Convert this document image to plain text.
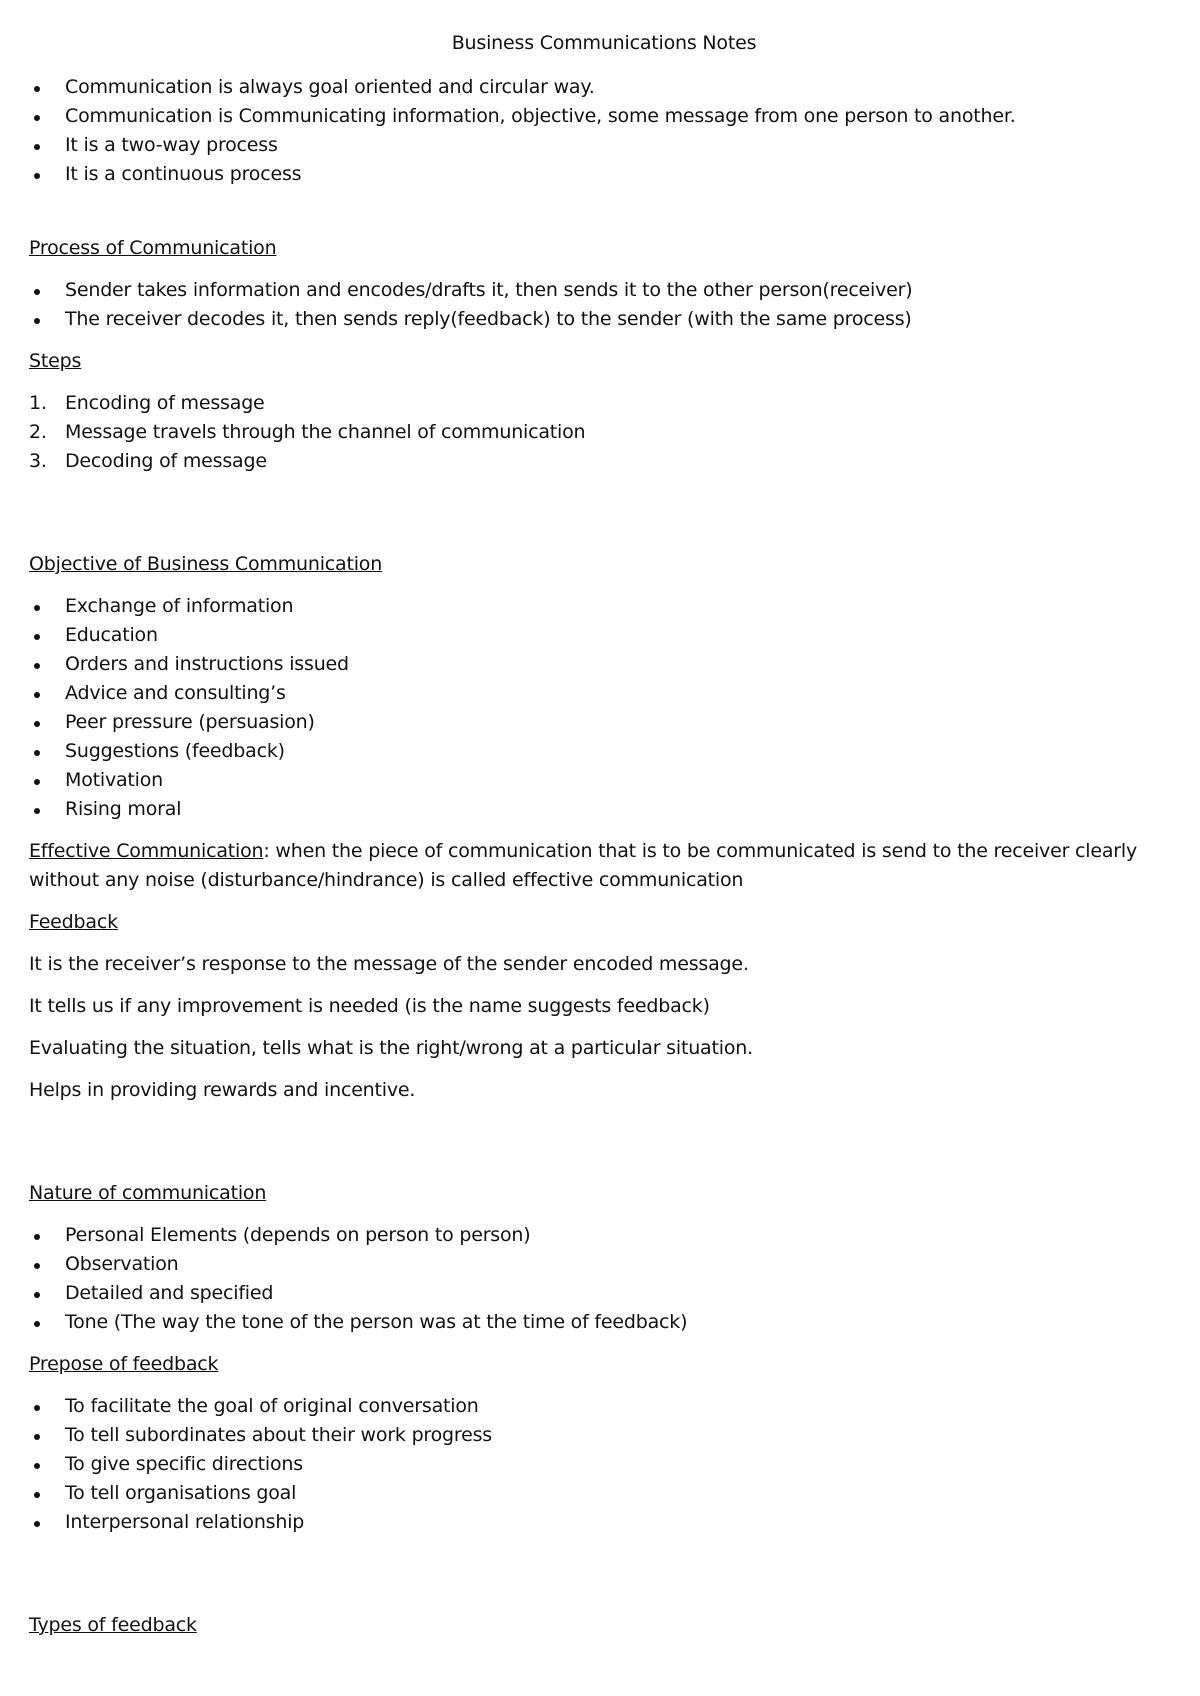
Business Communications Notes
Communication is always goal oriented and circular way.
Communication is Communicating information, objective, some message from one person to another.
It is a two-way process
It is a continuous process
Process of Communication
Sender takes information and encodes/drafts it, then sends it to the other person(receiver)
The receiver decodes it, then sends reply(feedback) to the sender (with the same process)
Steps
1. Encoding of message
2. Message travels through the channel of communication
3. Decoding of message
Objective of Business Communication
Exchange of information
Education
Orders and instructions issued
Advice and consulting’s
Peer pressure (persuasion)
Suggestions (feedback)
Motivation
Rising moral

Effective Communication: when the piece of communication that is to be communicated is send to the receiver clearly without any noise (disturbance/hindrance) is called effective communication

Feedback

It is the receiver’s response to the message of the sender encoded message.

It tells us if any improvement is needed (is the name suggests feedback)

Evaluating the situation, tells what is the right/wrong at a particular situation.

Helps in providing rewards and incentive.

Nature of communication
Personal Elements (depends on person to person)
Observation
Detailed and specified
Tone (The way the tone of the person was at the time of feedback)
Prepose of feedback
To facilitate the goal of original conversation
To tell subordinates about their work progress
To give specific directions
To tell organisations goal
Interpersonal relationship
Types of feedback
